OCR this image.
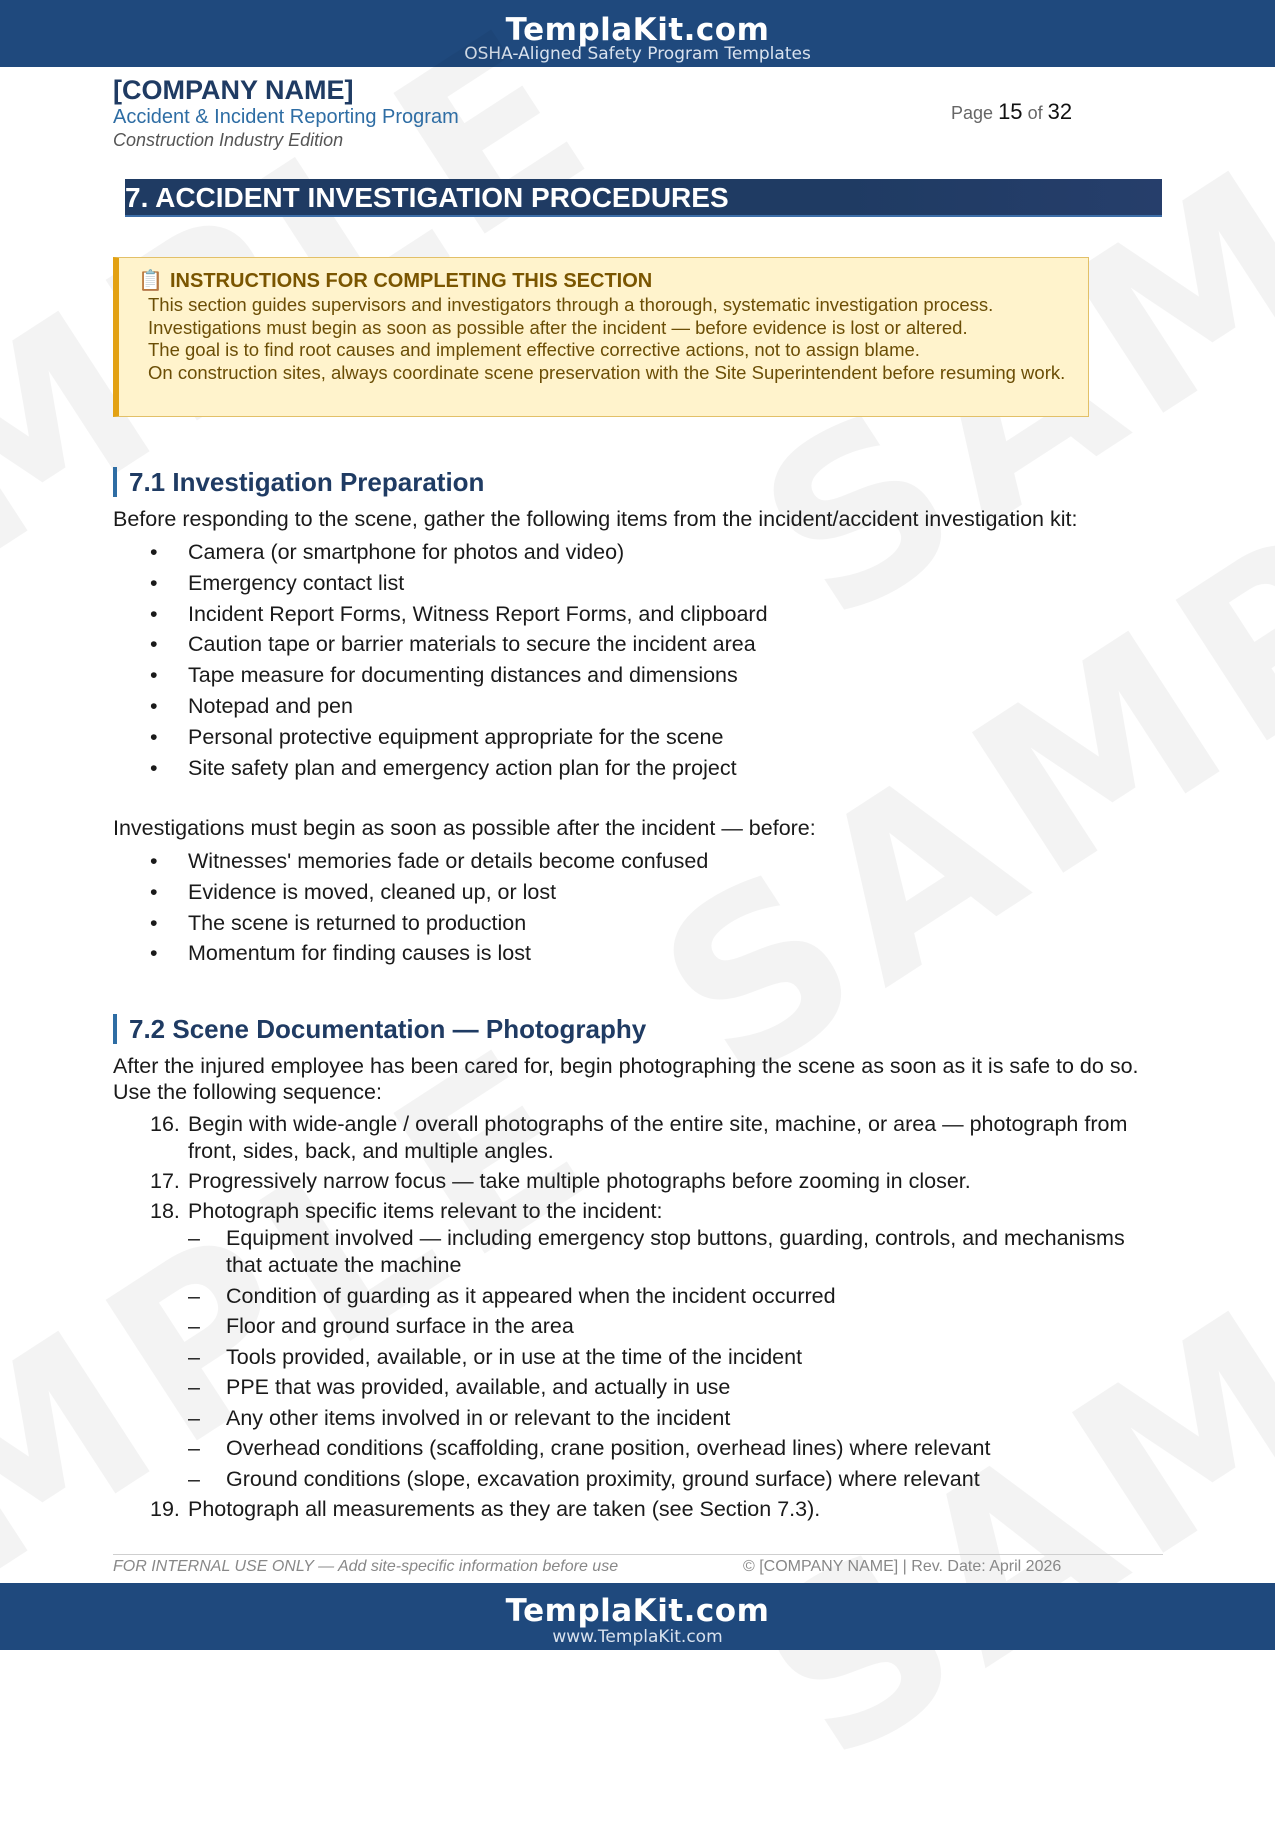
TemplaKit.com
OSHA-Aligned Safety Program Templates
[COMPANY NAME]
Accident & Incident Reporting Program
Construction Industry Edition
Page 15 of 32
7. ACCIDENT INVESTIGATION PROCEDURES
📋 INSTRUCTIONS FOR COMPLETING THIS SECTION

This section guides supervisors and investigators through a thorough, systematic investigation process.

Investigations must begin as soon as possible after the incident — before evidence is lost or altered.

The goal is to find root causes and implement effective corrective actions, not to assign blame.

On construction sites, always coordinate scene preservation with the Site Superintendent before resuming work.

7.1 Investigation Preparation

Before responding to the scene, gather the following items from the incident/accident investigation kit:

• Camera (or smartphone for photos and video)
• Emergency contact list
• Incident Report Forms, Witness Report Forms, and clipboard
• Caution tape or barrier materials to secure the incident area
• Tape measure for documenting distances and dimensions
• Notepad and pen
• Personal protective equipment appropriate for the scene
• Site safety plan and emergency action plan for the project

Investigations must begin as soon as possible after the incident — before:

• Witnesses' memories fade or details become confused
• Evidence is moved, cleaned up, or lost
• The scene is returned to production
• Momentum for finding causes is lost
7.2 Scene Documentation — Photography

After the injured employee has been cared for, begin photographing the scene as soon as it is safe to do so. Use the following sequence:

16. Begin with wide-angle / overall photographs of the entire site, machine, or area — photograph from front, sides, back, and multiple angles.
17. Progressively narrow focus — take multiple photographs before zooming in closer.
18. Photograph specific items relevant to the incident:
– Equipment involved — including emergency stop buttons, guarding, controls, and mechanisms that actuate the machine
– Condition of guarding as it appeared when the incident occurred
– Floor and ground surface in the area
– Tools provided, available, or in use at the time of the incident
– PPE that was provided, available, and actually in use
– Any other items involved in or relevant to the incident
– Overhead conditions (scaffolding, crane position, overhead lines) where relevant
– Ground conditions (slope, excavation proximity, ground surface) where relevant
19. Photograph all measurements as they are taken (see Section 7.3).
FOR INTERNAL USE ONLY — Add site-specific information before use	© [COMPANY NAME] | Rev. Date: April 2026
TemplaKit.com
www.TemplaKit.com
